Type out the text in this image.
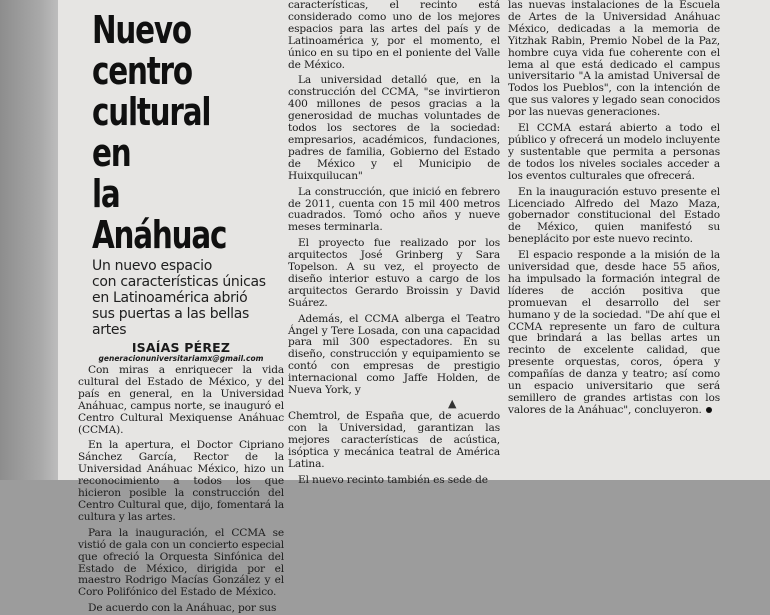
Nuevo centro
cultural en
la Anáhuac
Un nuevo espacio
con características únicas
en Latinoamérica abrió
sus puertas a las bellas artes
ISAÍAS PÉREZ
generacionuniversitariamx@gmail.com

Con miras a enriquecer la vida cultural del Estado de México, y del país en general, en la Universidad Anáhuac, campus norte, se inauguró el Centro Cultural Mexiquense Anáhuac (CCMA).

En la apertura, el Doctor Cipriano Sánchez García, Rector de la Universidad Anáhuac México, hizo un reconocimiento a todos los que hicieron posible la construcción del Centro Cultural que, dijo, fomentará la cultura y las artes.

Para la inauguración, el CCMA se vistió de gala con un concierto especial que ofreció la Orquesta Sinfónica del Estado de México, dirigida por el maestro Rodrigo Macías González y el Coro Polifónico del Estado de México.

De acuerdo con la Anáhuac, por sus

características, el recinto está considerado como uno de los mejores espacios para las artes del país y de Latinoamérica y, por el momento, el único en su tipo en el poniente del Valle de México.

La universidad detalló que, en la construcción del CCMA, "se invirtieron 400 millones de pesos gracias a la generosidad de muchas voluntades de todos los sectores de la sociedad: empresarios, académicos, fundaciones, padres de familia, Gobierno del Estado de México y el Municipio de Huixquilucan"

La construcción, que inició en febrero de 2011, cuenta con 15 mil 400 metros cuadrados. Tomó ocho años y nueve meses terminarla.

El proyecto fue realizado por los arquitectos José Grinberg y Sara Topelson. A su vez, el proyecto de diseño interior estuvo a cargo de los arquitectos Gerardo Broissin y David Suárez.

Además, el CCMA alberga el Teatro Ángel y Tere Losada, con una capacidad para mil 300 espectadores. En su diseño, construcción y equipamiento se contó con empresas de prestigio internacional como Jaffe Holden, de Nueva York, y

Chemtrol, de España que, de acuerdo con la Universidad, garantizan las mejores características de acústica, isóptica y mecánica teatral de América Latina.

El nuevo recinto también es sede de

las nuevas instalaciones de la Escuela de Artes de la Universidad Anáhuac México, dedicadas a la memoria de Yitzhak Rabin, Premio Nobel de la Paz, hombre cuya vida fue coherente con el lema al que está dedicado el campus universitario "A la amistad Universal de Todos los Pueblos", con la intención de que sus valores y legado sean conocidos por las nuevas generaciones.

El CCMA estará abierto a todo el público y ofrecerá un modelo incluyente y sustentable que permita a personas de todos los niveles sociales acceder a los eventos culturales que ofrecerá.

En la inauguración estuvo presente el Licenciado Alfredo del Mazo Maza, gobernador constitucional del Estado de México, quien manifestó su beneplácito por este nuevo recinto.

El espacio responde a la misión de la universidad que, desde hace 55 años, ha impulsado la formación integral de líderes de acción positiva que promuevan el desarrollo del ser humano y de la sociedad. "De ahí que el CCMA represente un faro de cultura que brindará a las bellas artes un recinto de excelente calidad, que presente orquestas, coros, ópera y compañías de danza y teatro; así como un espacio universitario que será semillero de grandes artistas con los valores de la Anáhuac", concluyeron.

▲
